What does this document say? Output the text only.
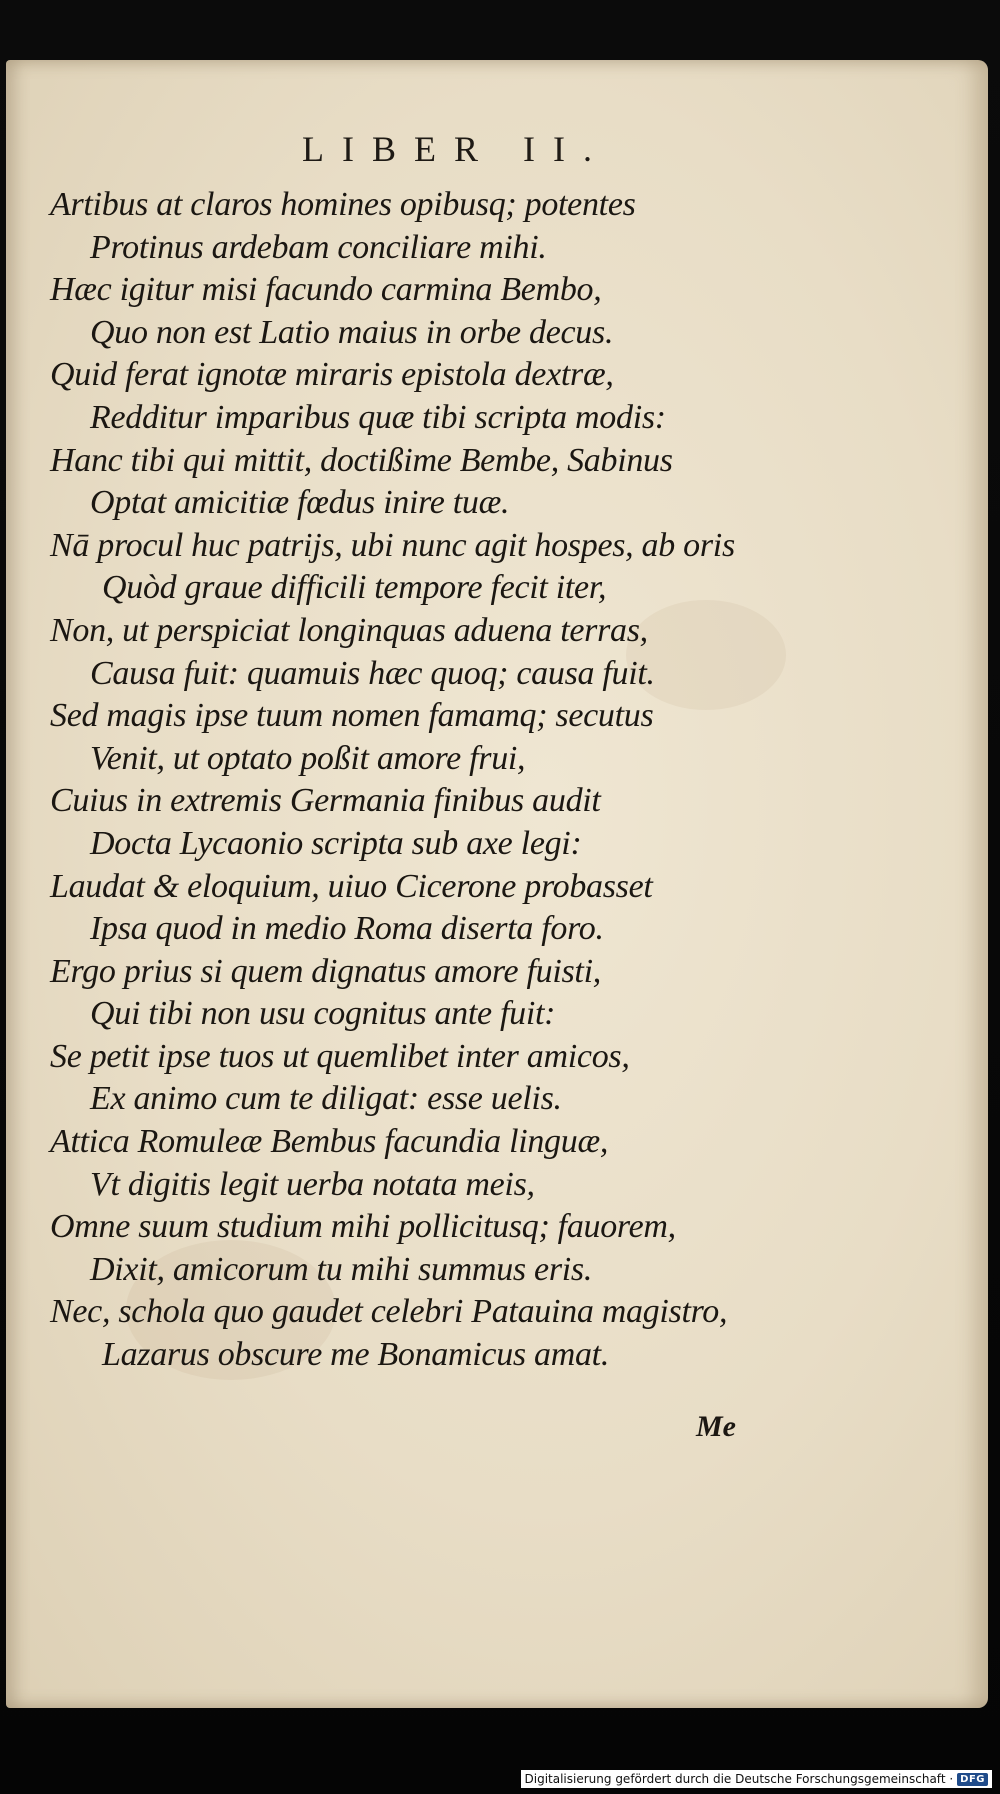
LIBER II.
Artibus at claros homines opibusq; potentes
Protinus ardebam conciliare mihi.
Hæc igitur misi facundo carmina Bembo,
Quo non est Latio maius in orbe decus.
Quid ferat ignotæ miraris epistola dextræ,
Redditur imparibus quæ tibi scripta modis:
Hanc tibi qui mittit, doctißime Bembe, Sabinus
Optat amicitiæ fœdus inire tuæ.
Nā procul huc patrijs, ubi nunc agit hospes, ab oris
Quòd graue difficili tempore fecit iter,
Non, ut perspiciat longinquas aduena terras,
Causa fuit: quamuis hæc quoq; causa fuit.
Sed magis ipse tuum nomen famamq; secutus
Venit, ut optato poßit amore frui,
Cuius in extremis Germania finibus audit
Docta Lycaonio scripta sub axe legi:
Laudat & eloquium, uiuo Cicerone probasset
Ipsa quod in medio Roma diserta foro.
Ergo prius si quem dignatus amore fuisti,
Qui tibi non usu cognitus ante fuit:
Se petit ipse tuos ut quemlibet inter amicos,
Ex animo cum te diligat: esse uelis.
Attica Romuleæ Bembus facundia linguæ,
Vt digitis legit uerba notata meis,
Omne suum studium mihi pollicitusq; fauorem,
Dixit, amicorum tu mihi summus eris.
Nec, schola quo gaudet celebri Patauina magistro,
Lazarus obscure me Bonamicus amat.
Me
Digitalisierung gefördert durch die Deutsche Forschungsgemeinschaft · DFG
